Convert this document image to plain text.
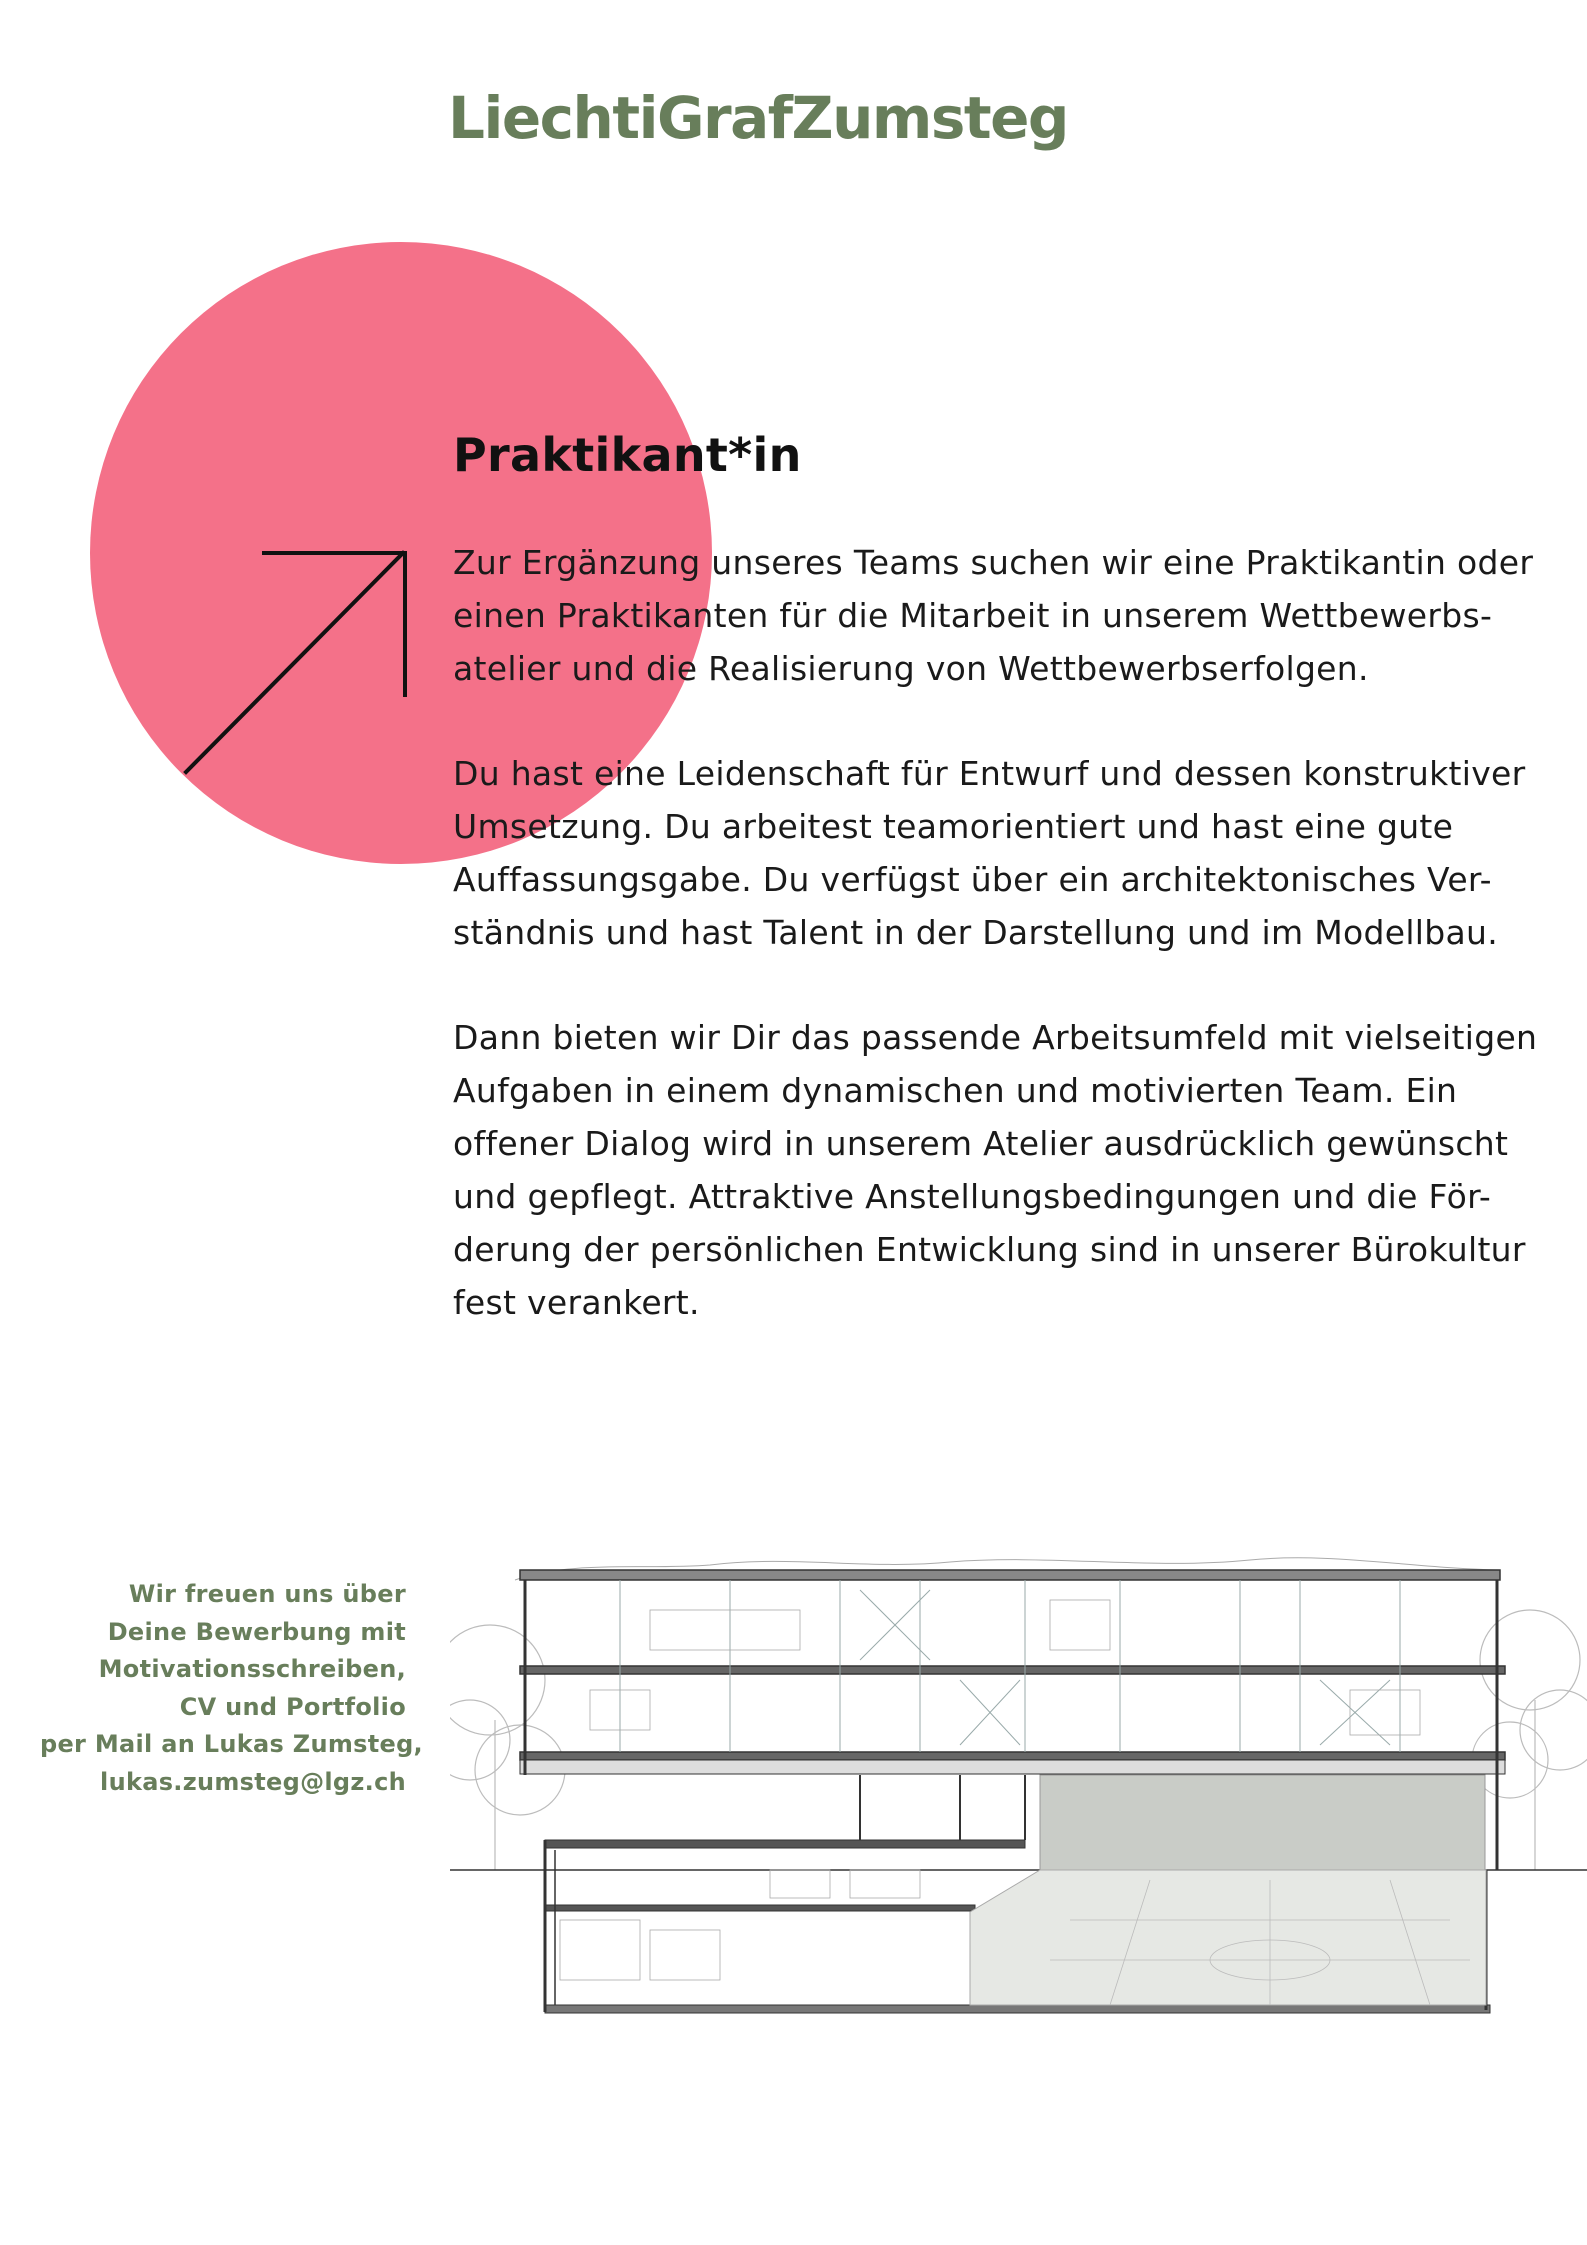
LiechtiGrafZumsteg
Praktikant*in

Zur Ergänzung unseres Teams suchen wir eine Praktikantin oder
einen Praktikanten für die Mitarbeit in unserem Wettbewerbs-
atelier und die Realisierung von Wettbewerbserfolgen.

Du hast eine Leidenschaft für Entwurf und dessen konstruktiver
Umsetzung. Du arbeitest teamorientiert und hast eine gute
Auffassungsgabe. Du verfügst über ein architektonisches Ver-
ständnis und hast Talent in der Darstellung und im Modellbau.

Dann bieten wir Dir das passende Arbeitsumfeld mit vielseitigen
Aufgaben in einem dynamischen und motivierten Team. Ein
offener Dialog wird in unserem Atelier ausdrücklich gewünscht
und gepflegt. Attraktive Anstellungsbedingungen und die För-
derung der persönlichen Entwicklung sind in unserer Bürokultur
fest verankert.

Wir freuen uns über
Deine Bewerbung mit
Motivationsschreiben,
CV und Portfolio
per Mail an Lukas Zumsteg,
lukas.zumsteg@lgz.ch
